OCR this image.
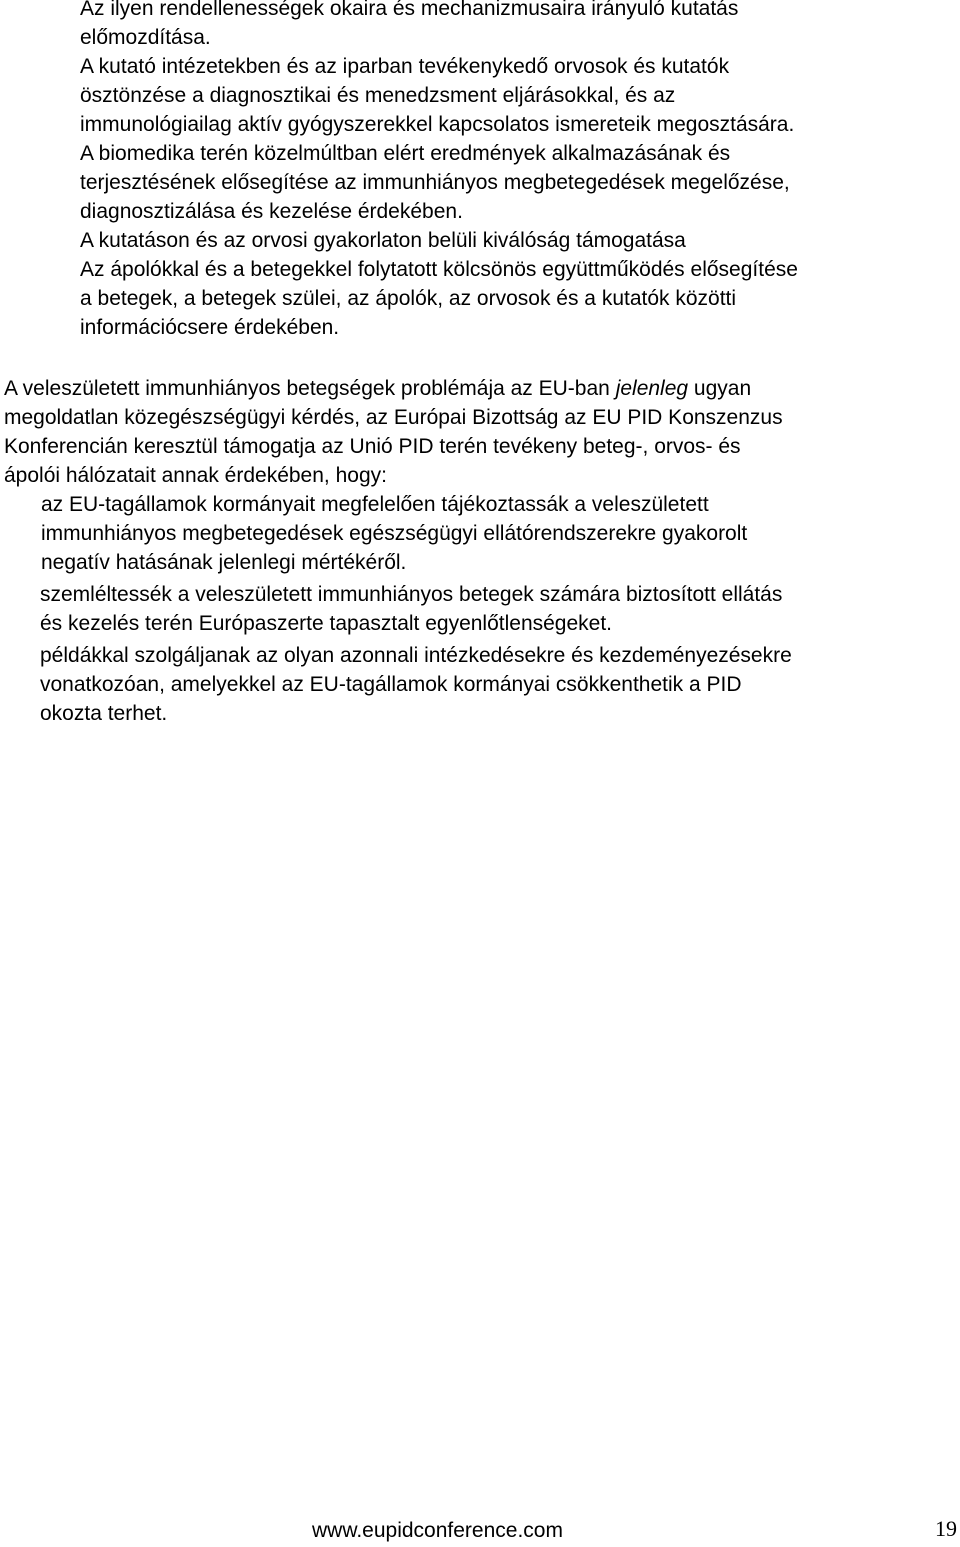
Az ilyen rendellenességek okaira és mechanizmusaira irányuló kutatás
előmozdítása.

A kutató intézetekben és az iparban tevékenykedő orvosok és kutatók
ösztönzése a diagnosztikai és menedzsment eljárásokkal, és az
immunológiailag aktív gyógyszerekkel kapcsolatos ismereteik megosztására.

A biomedika terén közelmúltban elért eredmények alkalmazásának és
terjesztésének elősegítése az immunhiányos megbetegedések megelőzése,
diagnosztizálása és kezelése érdekében.

A kutatáson és az orvosi gyakorlaton belüli kiválóság támogatása

Az ápolókkal és a betegekkel folytatott kölcsönös együttműködés elősegítése
a betegek, a betegek szülei, az ápolók, az orvosok és a kutatók közötti
információcsere érdekében.

A veleszületett immunhiányos betegségek problémája az EU-ban jelenleg ugyan
megoldatlan közegészségügyi kérdés, az Európai Bizottság az EU PID Konszenzus
Konferencián keresztül támogatja az Unió PID terén tevékeny beteg-, orvos- és
ápolói hálózatait annak érdekében, hogy:

az EU-tagállamok kormányait megfelelően tájékoztassák a veleszületett
immunhiányos megbetegedések egészségügyi ellátórendszerekre gyakorolt
negatív hatásának jelenlegi mértékéről.

szemléltessék a veleszületett immunhiányos betegek számára biztosított ellátás
és kezelés terén Európaszerte tapasztalt egyenlőtlenségeket.

példákkal szolgáljanak az olyan azonnali intézkedésekre és kezdeményezésekre
vonatkozóan, amelyekkel az EU-tagállamok kormányai csökkenthetik a PID
okozta terhet.

www.eupidconference.com	19
